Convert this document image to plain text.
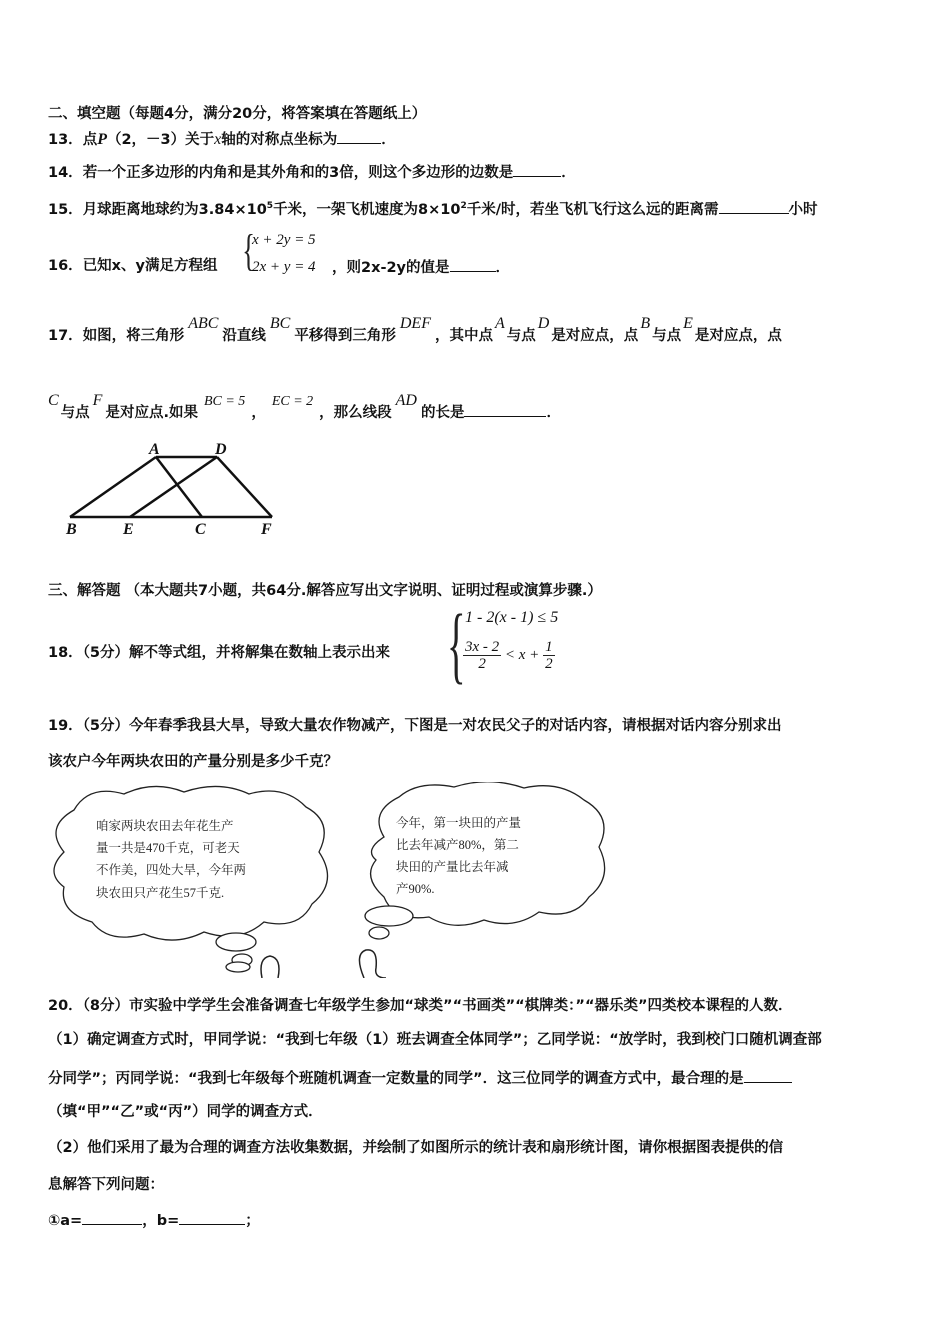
二、填空题（每题4分，满分20分，将答案填在答题纸上）
13．点P（2，－3）关于x轴的对称点坐标为	．
14．若一个正多边形的内角和是其外角和的3倍，则这个多边形的边数是	．
15．月球距离地球约为$3.84\times 10^5$千米，一架飞机速度为$8\times 10^2$千米/时，若坐飞机飞行这么远的距离需	小时
16．已知x、y满足方程组 {
x + 2y = 5
2x + y = 4 ，则2x-2y的值是	．
17．如图，将三角形ABC沿直线BC平移得到三角形DEF，其中点A与点D是对应点，点B与点E是对应点，点
C与点F是对应点.如果BC = 5，EC = 2，那么线段AD的长是	．
A	D
B	E	C	F
三、解答题 （本大题共7小题，共64分.解答应写出文字说明、证明过程或演算步骤.）
18．（5分）解不等式组，并将解集在数轴上表示出来 { 1 - 2(x - 1) ≤ 5
$\frac{3x - 2}{2} < x + \frac{1}{2}$
19．（5分）今年春季我县大旱，导致大量农作物减产，下图是一对农民父子的对话内容，请根据对话内容分别求出
该农户今年两块农田的产量分别是多少千克？
咱家两块农田去年花生产
量一共是470千克，可老天
不作美，四处大旱，今年两
块农田只产花生57千克.
今年，第一块田的产量
比去年减产80%，第二
块田的产量比去年减
产90%.
20．（8分）市实验中学学生会准备调查七年级学生参加“球类”“书画类”“棋牌类：”“器乐类”四类校本课程的人数．
（1）确定调查方式时，甲同学说：“我到七年级（1）班去调查全体同学”；乙同学说：“放学时，我到校门口随机调查部
分同学”；丙同学说：“我到七年级每个班随机调查一定数量的同学”．这三位同学的调查方式中，最合理的是
（填“甲”“乙”或“丙”）同学的调查方式．
（2）他们采用了最为合理的调查方法收集数据，并绘制了如图所示的统计表和扇形统计图，请你根据图表提供的信
息解答下列问题：
①a=	，b=	；
